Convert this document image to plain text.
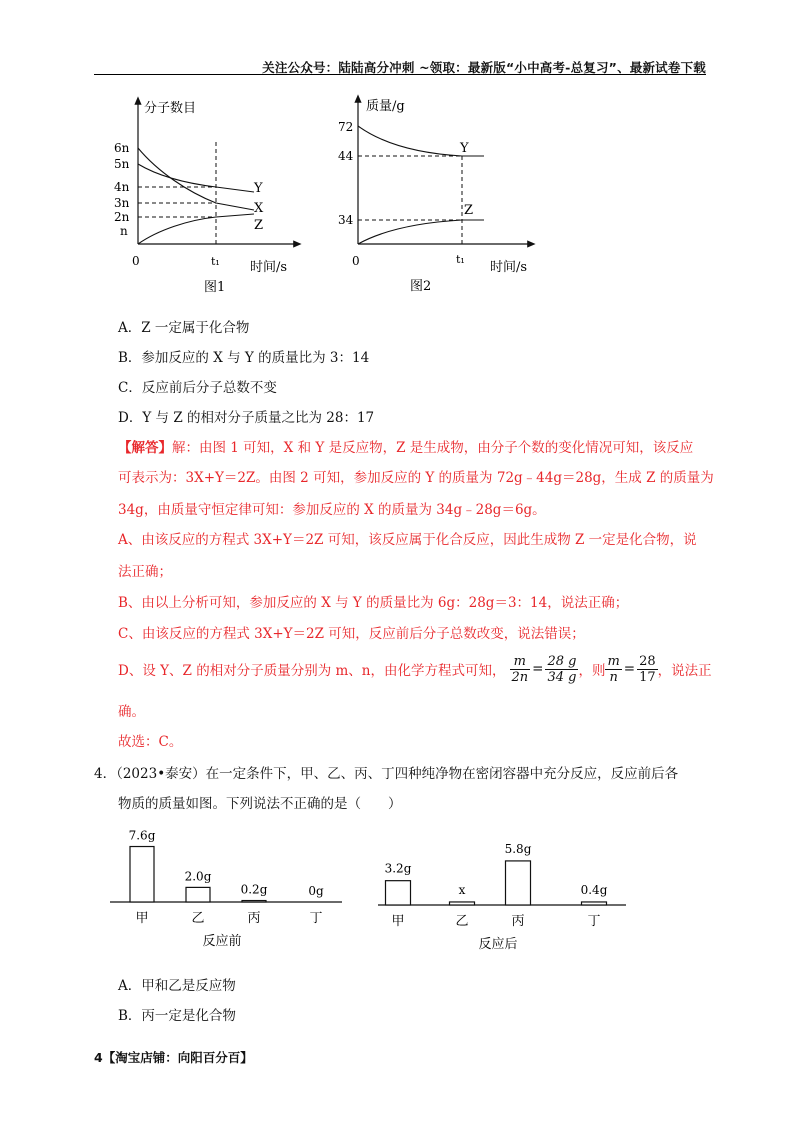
关注公众号：陆陆高分冲刺 ~领取：最新版“小中高考-总复习”、最新试卷下载
分子数目
6n
5n
4n
3n
2n
n
Y
X
Z
0	t₁ 时间/s
图1
质量/g
72
44
34
Y
Z
0	t₁
时间/s
图2
A．Z 一定属于化合物
B．参加反应的 X 与 Y 的质量比为 3：14
C．反应前后分子总数不变
D．Y 与 Z 的相对分子质量之比为 28：17
【解答】解：由图 1 可知，X 和 Y 是反应物，Z 是生成物，由分子个数的变化情况可知，该反应
可表示为：3X+Y＝2Z。由图 2 可知，参加反应的 Y 的质量为 72g﹣44g＝28g，生成 Z 的质量为
34g，由质量守恒定律可知：参加反应的 X 的质量为 34g﹣28g＝6g。
A、由该反应的方程式 3X+Y＝2Z 可知，该反应属于化合反应，因此生成物 Z 一定是化合物，说
法正确；
B、由以上分析可知，参加反应的 X 与 Y 的质量比为 6g：28g＝3：14，说法正确；
C、由该反应的方程式 3X+Y＝2Z 可知，反应前后分子总数改变，说法错误；
D、设 Y、Z 的相对分子质量分别为 m、n，由化学方程式可知， $\frac{m}{2n} = \frac{28 g}{34 g}$ ，则 $\frac{m}{n} = \frac{28}{17}$ ，说法正
确。
故选：C。
4．（2023•泰安）在一定条件下，甲、乙、丙、丁四种纯净物在密闭容器中充分反应，反应前后各
物质的质量如图。下列说法不正确的是（　　）
7.6g
甲
2.0g
乙
0.2g
丙
0g
丁
反应前
3.2g
甲
x
乙
5.8g
丙
0.4g
丁
反应后
A．甲和乙是反应物
B．丙一定是化合物
4【淘宝店铺：向阳百分百】
